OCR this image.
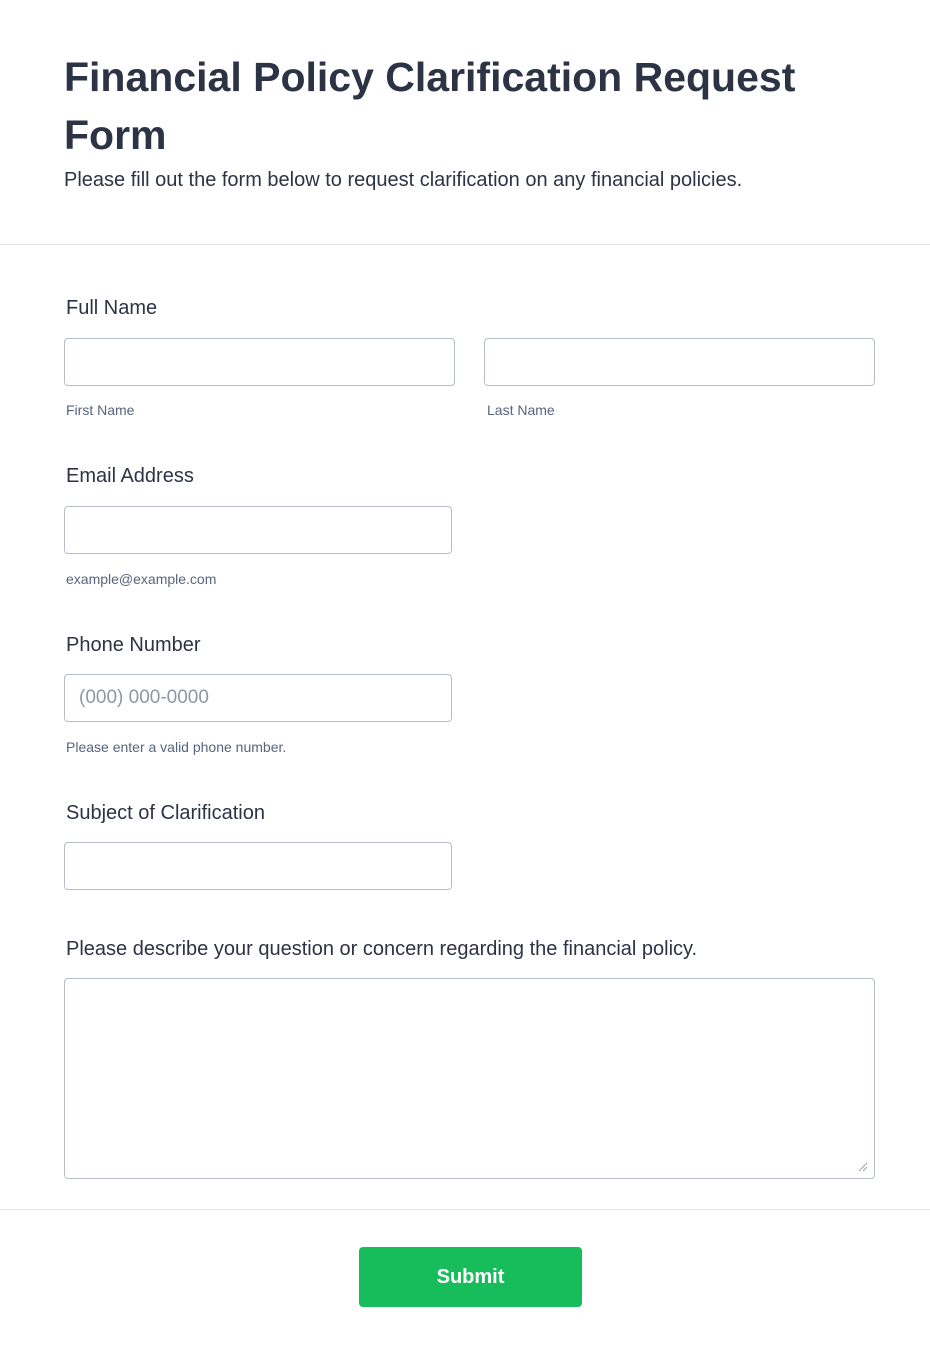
Financial Policy Clarification Request Form

Please fill out the form below to request clarification on any financial policies.

Full Name

First Name	Last Name

Email Address

example@example.com

Phone Number

(000) 000-0000

Please enter a valid phone number.

Subject of Clarification

Please describe your question or concern regarding the financial policy.

Submit
